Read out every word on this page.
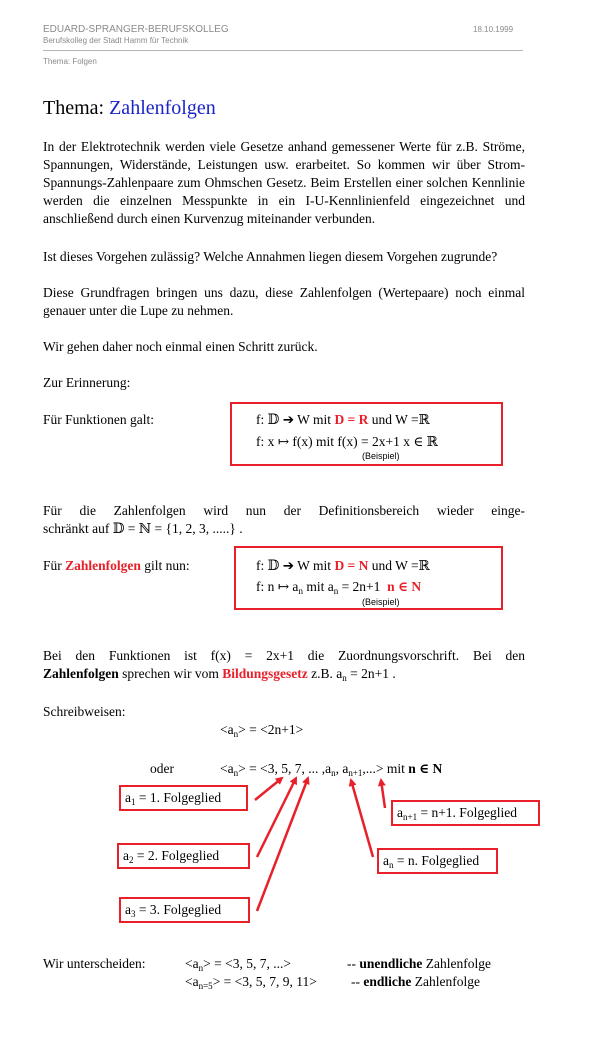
EDUARD-SPRANGER-BERUFSKOLLEG	18.10.1999
Berufskolleg der Stadt Hamm für Technik
Thema: Folgen
Thema: Zahlenfolgen
In der Elektrotechnik werden viele Gesetze anhand gemessener Werte für z.B. Ströme, Spannungen, Widerstände, Leistungen usw. erarbeitet. So kommen wir über Strom-Spannungs-Zahlenpaare zum Ohmschen Gesetz. Beim Erstellen einer solchen Kennlinie werden die einzelnen Messpunkte in ein I-U-Kennlinienfeld eingezeichnet und anschließend durch einen Kurvenzug miteinander verbunden.
Ist dieses Vorgehen zulässig? Welche Annahmen liegen diesem Vorgehen zugrunde?
Diese Grundfragen bringen uns dazu, diese Zahlenfolgen (Wertepaare) noch einmal genauer unter die Lupe zu nehmen.
Wir gehen daher noch einmal einen Schritt zurück.
Zur Erinnerung:
Für Funktionen galt:	f: 𝔻 ➔ W mit D = R und W =ℝ
f: x ↦ f(x) mit f(x) = 2x+1 x ∈ ℝ
(Beispiel)
Für die Zahlenfolgen wird nun der Definitionsbereich wieder einge-
schränkt auf 𝔻 = ℕ = {1, 2, 3, .....} .
Für Zahlenfolgen gilt nun:	f: 𝔻 ➔ W mit D = N und W =ℝ
f: n ↦ $a_n$ mit $a_n = 2n+1$ n ∈ N
(Beispiel)
Bei den Funktionen ist f(x) = 2x+1 die Zuordnungsvorschrift. Bei den
Zahlenfolgen sprechen wir vom Bildungsgesetz z.B. $a_n = 2n+1$ .
Schreibweisen:
$<a_n> = <2n+1>$
oder	$<a_n> = <3$, 5, 7, ... $,a_n$, $a_{n+1},...>$ mit n ∈ N
$a_1 = 1$. Folgeglied
$a_{n+1} = n+1$. Folgeglied
$a_2 = 2$. Folgeglied	$a_n = n$. Folgeglied
$a_3 = 3$. Folgeglied
Wir unterscheiden:	$<a_n> = <3$, 5, 7, ...>	-- unendliche Zahlenfolge
$<a_{n=5}> = <3$, 5, 7, 9, 11>	-- endliche Zahlenfolge
